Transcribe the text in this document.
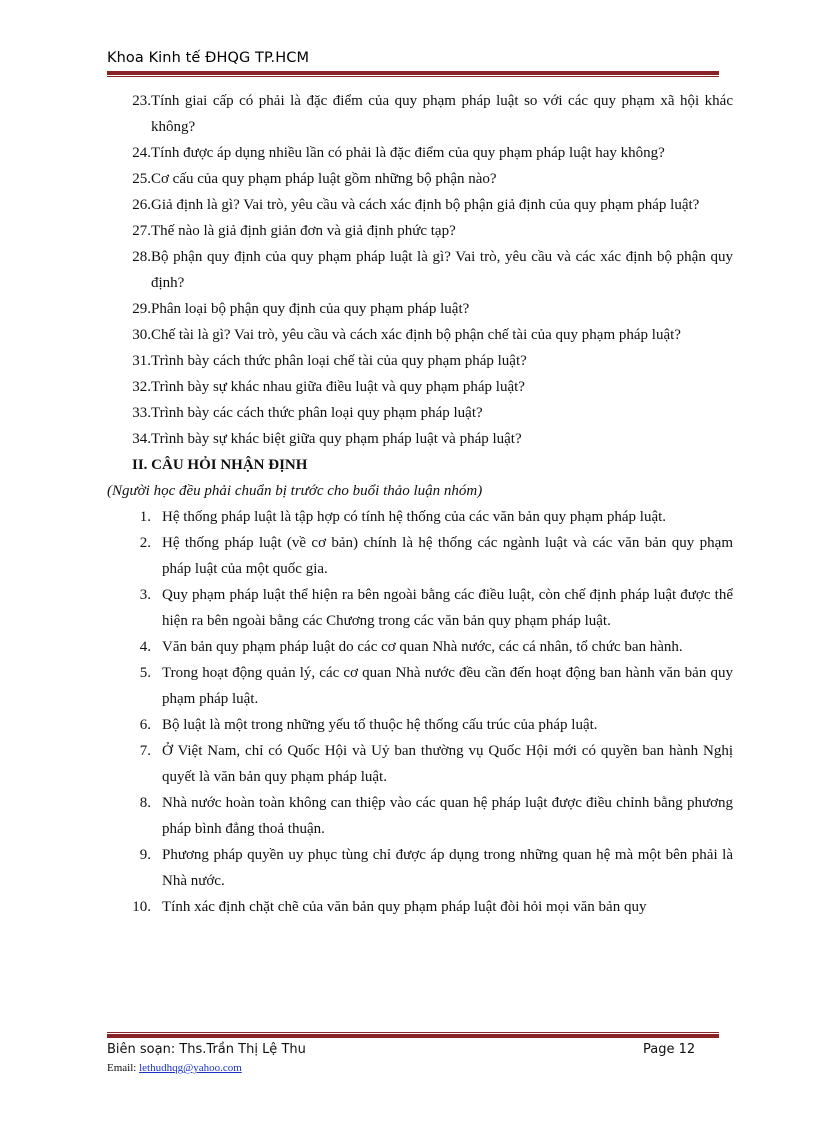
Khoa Kinh tế ĐHQG TP.HCM
23. Tính giai cấp có phải là đặc điểm của quy phạm pháp luật so với các quy phạm xã hội khác không?
24. Tính được áp dụng nhiều lần có phải là đặc điểm của quy phạm pháp luật hay không?
25. Cơ cấu của quy phạm pháp luật gồm những bộ phận nào?
26. Giả định là gì? Vai trò, yêu cầu và cách xác định bộ phận giả định của quy phạm pháp luật?
27. Thế nào là giả định giản đơn và giả định phức tạp?
28. Bộ phận quy định của quy phạm pháp luật là gì? Vai trò, yêu cầu và các xác định bộ phận quy định?
29. Phân loại bộ phận quy định của quy phạm pháp luật?
30. Chế tài là gì? Vai trò, yêu cầu và cách xác định bộ phận chế tài của quy phạm pháp luật?
31. Trình bày cách thức phân loại chế tài của quy phạm pháp luật?
32. Trình bày sự khác nhau giữa điều luật và quy phạm pháp luật?
33. Trình bày các cách thức phân loại quy phạm pháp luật?
34. Trình bày sự khác biệt giữa quy phạm pháp luật và pháp luật?
II. CÂU HỎI NHẬN ĐỊNH
(Người học đều phải chuẩn bị trước cho buổi thảo luận nhóm)
1. Hệ thống pháp luật là tập hợp có tính hệ thống của các văn bản quy phạm pháp luật.
2. Hệ thống pháp luật (về cơ bản) chính là hệ thống các ngành luật và các văn bản quy phạm pháp luật của một quốc gia.
3. Quy phạm pháp luật thể hiện ra bên ngoài bằng các điều luật, còn chế định pháp luật được thể hiện ra bên ngoài bằng các Chương trong các văn bản quy phạm pháp luật.
4. Văn bản quy phạm pháp luật do các cơ quan Nhà nước, các cá nhân, tổ chức ban hành.
5. Trong hoạt động quản lý, các cơ quan Nhà nước đều cần đến hoạt động ban hành văn bản quy phạm pháp luật.
6. Bộ luật là một trong những yếu tố thuộc hệ thống cấu trúc của pháp luật.
7. Ở Việt Nam, chỉ có Quốc Hội và Uỷ ban thường vụ Quốc Hội mới có quyền ban hành Nghị quyết là văn bản quy phạm pháp luật.
8. Nhà nước hoàn toàn không can thiệp vào các quan hệ pháp luật được điều chỉnh bằng phương pháp bình đẳng thoả thuận.
9. Phương pháp quyền uy phục tùng chỉ được áp dụng trong những quan hệ mà một bên phải là Nhà nước.
10. Tính xác định chặt chẽ của văn bản quy phạm pháp luật đòi hỏi mọi văn bản quy
Biên soạn: Ths.Trần Thị Lệ Thu	Page 12
Email: lethudhqg@yahoo.com
